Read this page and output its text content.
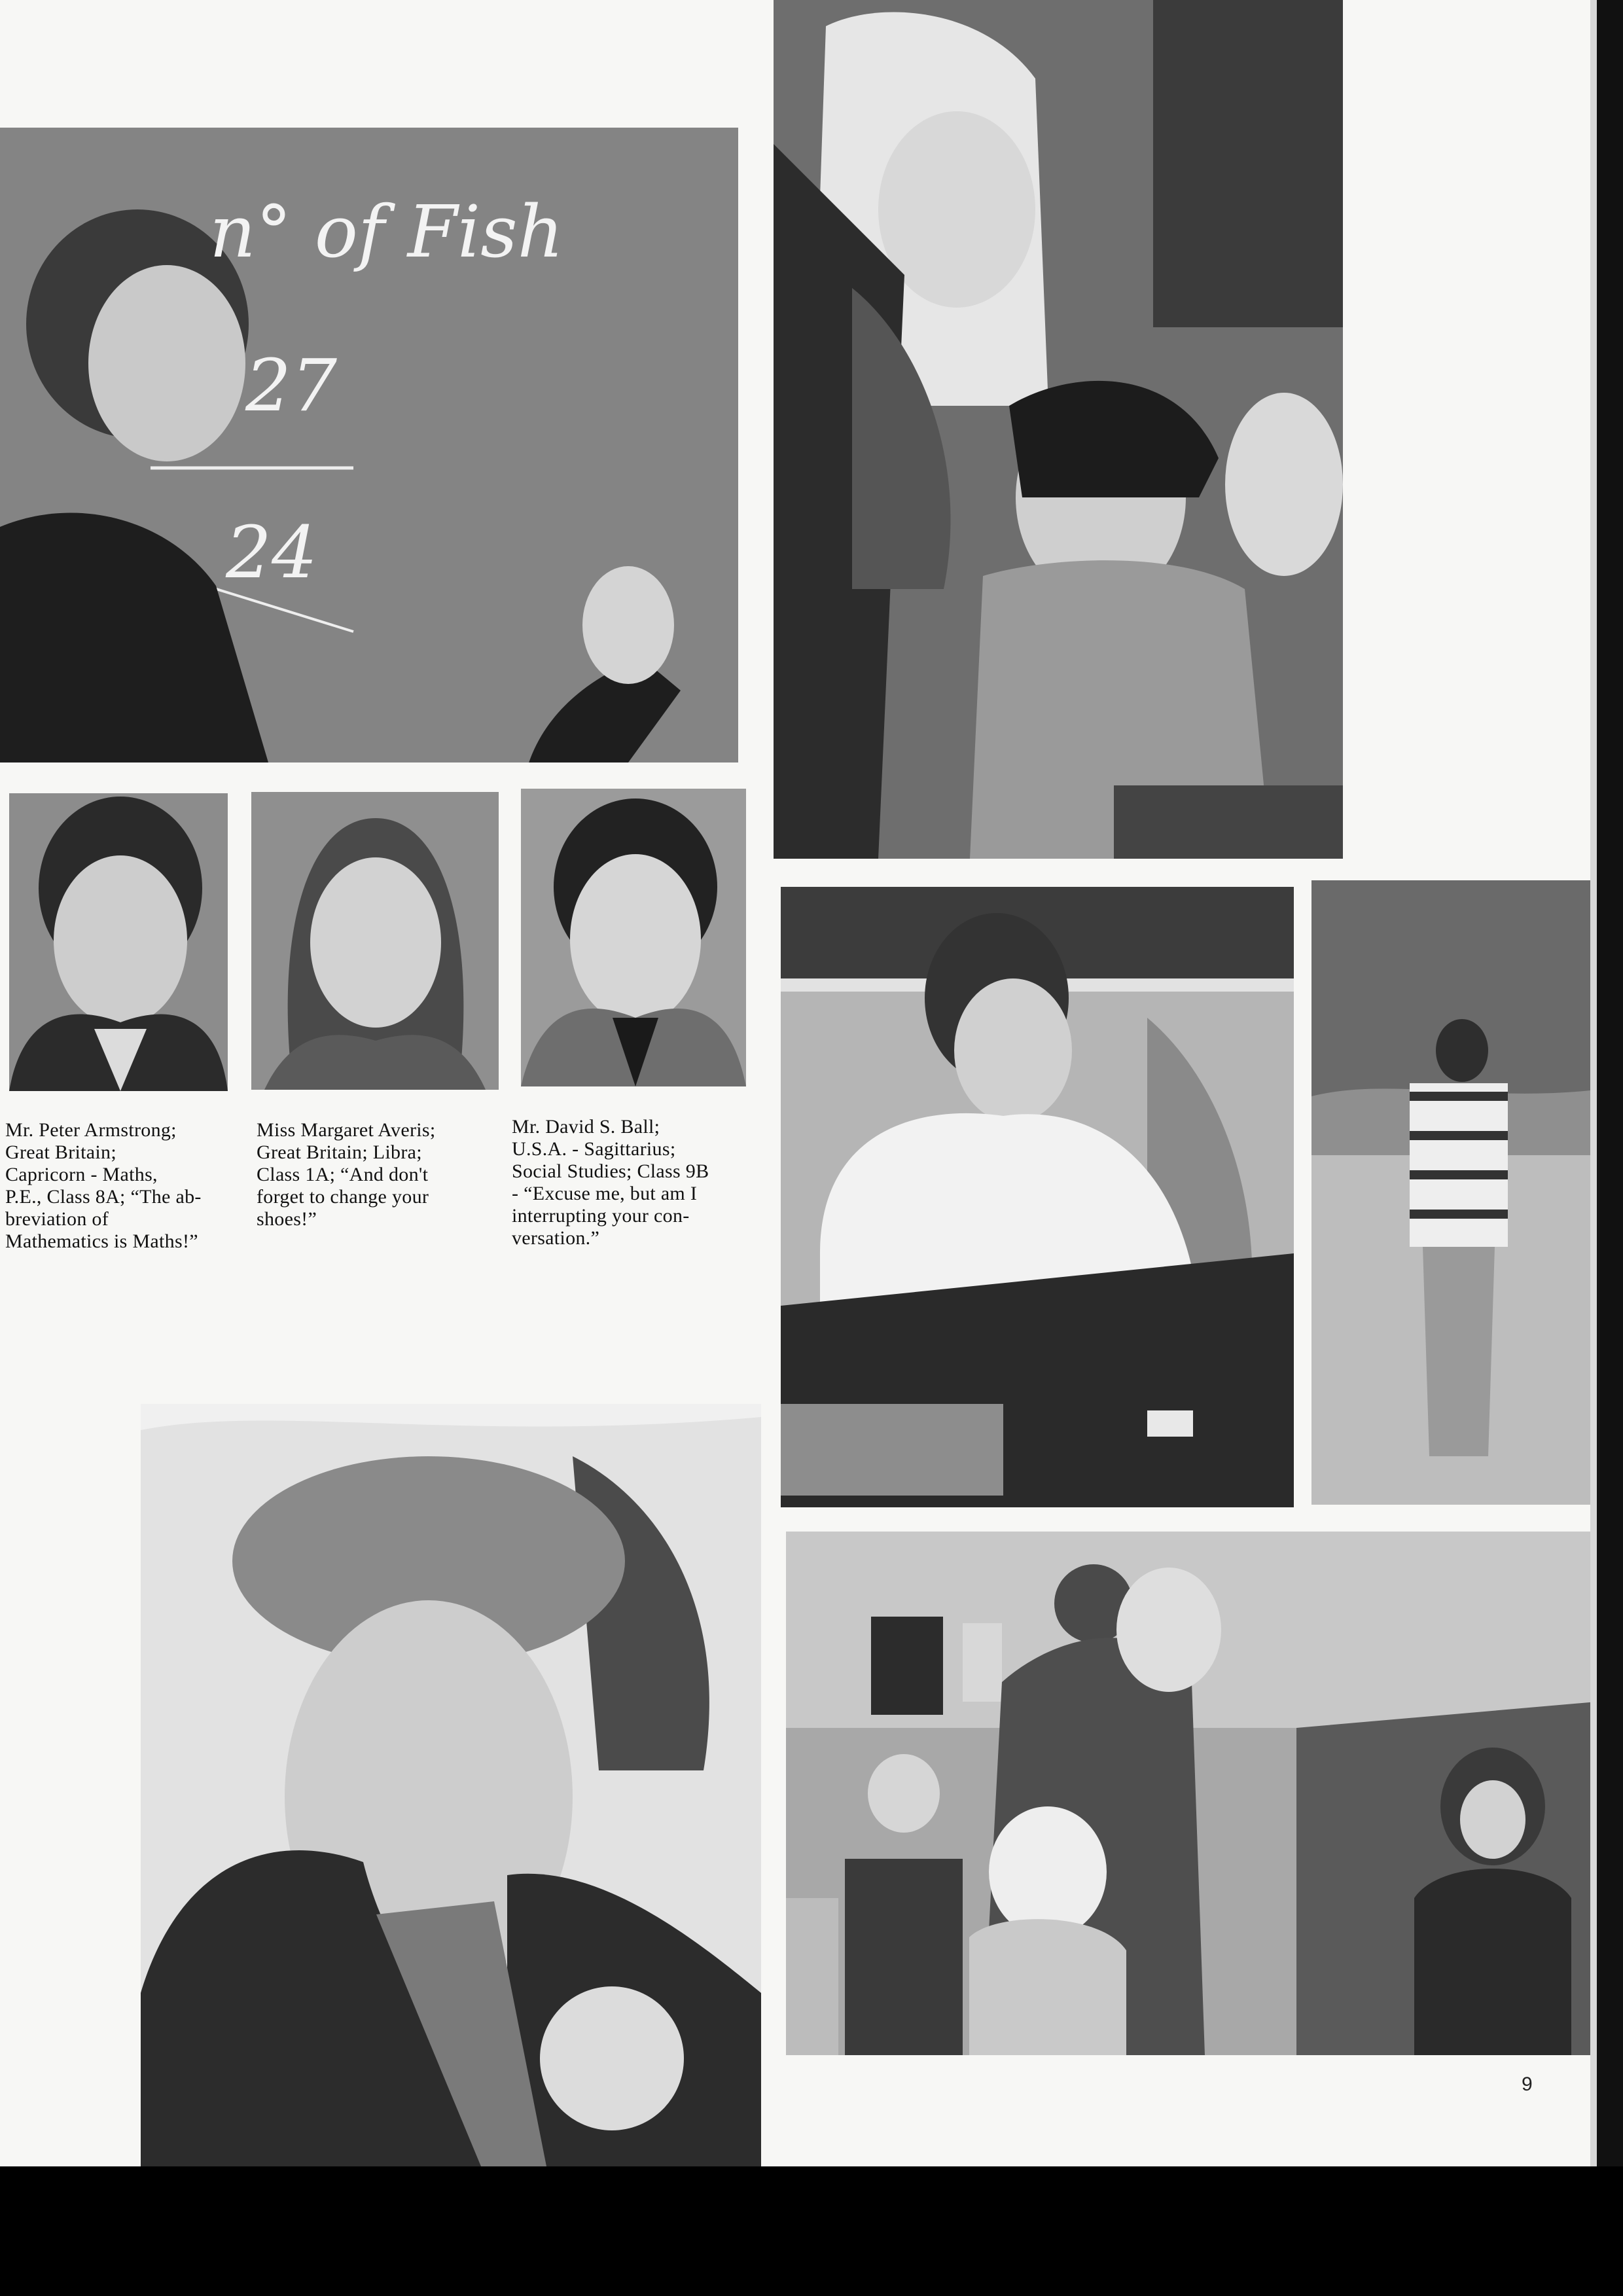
n° of Fish
27
24
Mr. Peter Armstrong;
Great Britain;
Capricorn - Maths,
P.E., Class 8A; “The ab-
breviation of
Mathematics is Maths!”
Miss Margaret Averis;
Great Britain; Libra;
Class 1A; “And don't
forget to change your
shoes!”
Mr. David S. Ball;
U.S.A. - Sagittarius;
Social Studies; Class 9B
- “Excuse me, but am I
interrupting your con-
versation.”
9
